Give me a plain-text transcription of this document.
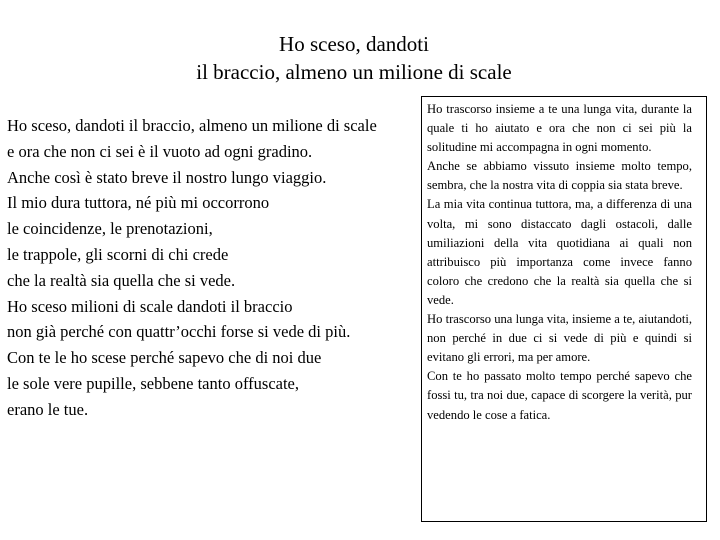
Ho sceso, dandoti
il braccio, almeno un milione di scale
Ho sceso, dandoti il braccio, almeno un milione di scale
e ora che non ci sei è il vuoto ad ogni gradino.
Anche così è stato breve il nostro lungo viaggio.
Il mio dura tuttora, né più mi occorrono
le coincidenze, le prenotazioni,
le trappole, gli scorni di chi crede
che la realtà sia quella che si vede.
Ho sceso milioni di scale dandoti il braccio
non già perché con quattr’occhi forse si vede di più.
Con te le ho scese perché sapevo che di noi due
le sole vere pupille, sebbene tanto offuscate,
erano le tue.

Ho trascorso insieme a te una lunga vita, durante la quale ti ho aiutato e ora che non ci sei più la solitudine mi accompagna in ogni momento.

Anche se abbiamo vissuto insieme molto tempo, sembra, che la nostra vita di coppia sia stata breve.

La mia vita continua tuttora, ma, a differenza di una volta, mi sono distaccato dagli ostacoli, dalle umiliazioni della vita quotidiana ai quali non attribuisco più importanza come invece fanno coloro che credono che la realtà sia quella che si vede.

Ho trascorso una lunga vita, insieme a te, aiutandoti, non perché in due ci si vede di più e quindi si evitano gli errori, ma per amore.

Con te ho passato molto tempo perché sapevo che fossi tu, tra noi due, capace di scorgere la verità, pur vedendo le cose a fatica.
